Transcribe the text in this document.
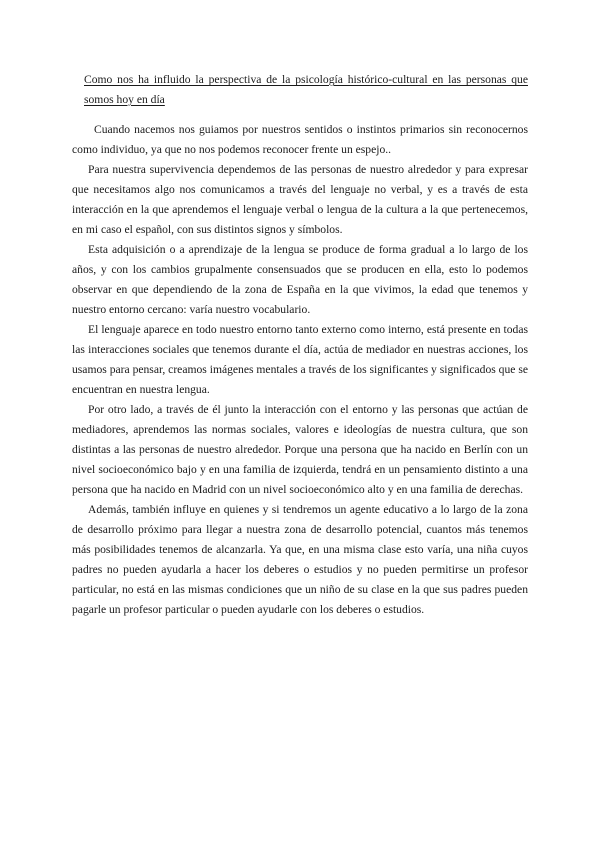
Como nos ha influido la perspectiva de la psicología histórico-cultural en las personas que somos hoy en día

Cuando nacemos nos guiamos por nuestros sentidos o instintos primarios sin reconocernos como individuo, ya que no nos podemos reconocer frente un espejo..

Para nuestra supervivencia dependemos de las personas de nuestro alrededor y para expresar que necesitamos algo nos comunicamos a través del lenguaje no verbal, y es a través de esta interacción en la que aprendemos el lenguaje verbal o lengua de la cultura a la que pertenecemos, en mi caso el español, con sus distintos signos y símbolos.

Esta adquisición o a aprendizaje de la lengua se produce de forma gradual a lo largo de los años, y con los cambios grupalmente consensuados que se producen en ella, esto lo podemos observar en que dependiendo de la zona de España en la que vivimos, la edad que tenemos y nuestro entorno cercano: varía nuestro vocabulario.

El lenguaje aparece en todo nuestro entorno tanto externo como interno, está presente en todas las interacciones sociales que tenemos durante el día, actúa de mediador en nuestras acciones, los usamos para pensar, creamos imágenes mentales a través de los significantes y significados que se encuentran en nuestra lengua.

Por otro lado, a través de él junto la interacción con el entorno y las personas que actúan de mediadores, aprendemos las normas sociales, valores e ideologías de nuestra cultura, que son distintas a las personas de nuestro alrededor. Porque una persona que ha nacido en Berlín con un nivel socioeconómico bajo y en una familia de izquierda, tendrá en un pensamiento distinto a una persona que ha nacido en Madrid con un nivel socioeconómico alto y en una familia de derechas.

Además, también influye en quienes y si tendremos un agente educativo a lo largo de la zona de desarrollo próximo para llegar a nuestra zona de desarrollo potencial, cuantos más tenemos más posibilidades tenemos de alcanzarla. Ya que, en una misma clase esto varía, una niña cuyos padres no pueden ayudarla a hacer los deberes o estudios y no pueden permitirse un profesor particular, no está en las mismas condiciones que un niño de su clase en la que sus padres pueden pagarle un profesor particular o pueden ayudarle con los deberes o estudios.
